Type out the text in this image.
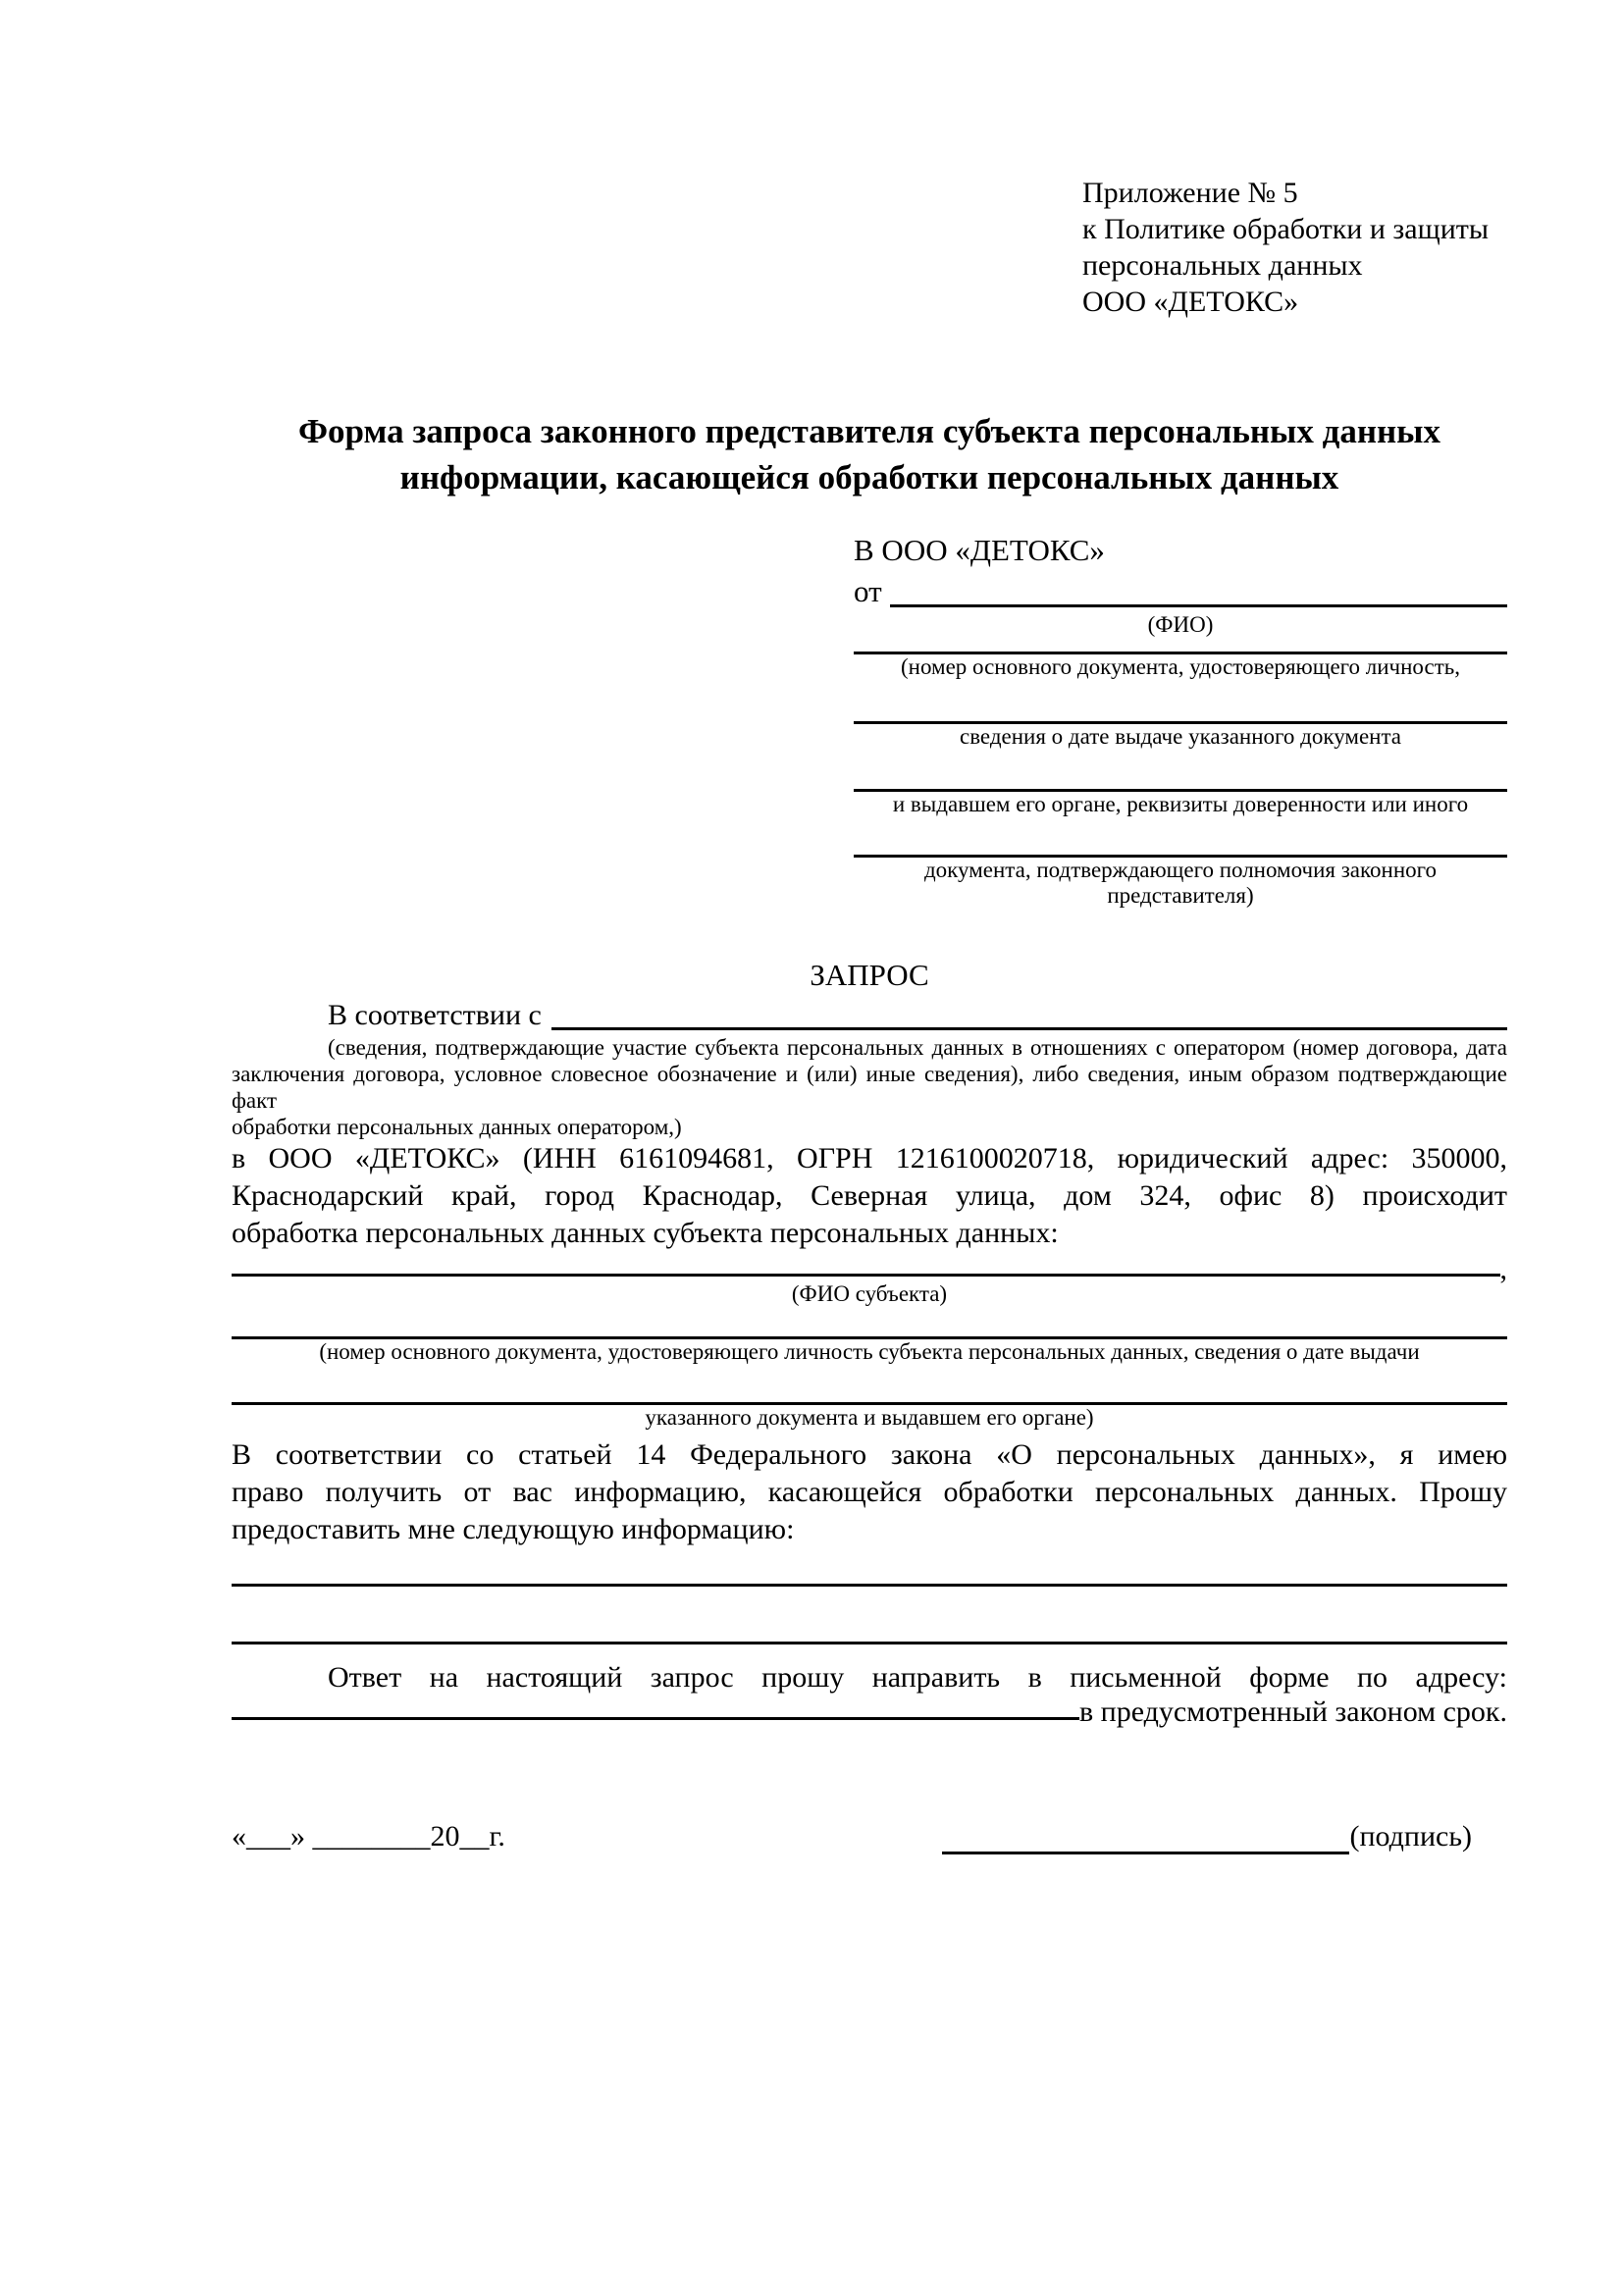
Приложение № 5
к Политике обработки и защиты
персональных данных
ООО «ДЕТОКС»
Форма запроса законного представителя субъекта персональных данных информации, касающейся обработки персональных данных
В ООО «ДЕТОКС»
от
(ФИО)
(номер основного документа, удостоверяющего личность,
сведения о дате выдаче указанного документа
и выдавшем его органе, реквизиты доверенности или иного
документа, подтверждающего полномочия законного представителя)
ЗАПРОС
В соответствии с
(сведения, подтверждающие участие субъекта персональных данных в отношениях с оператором (номер договора, дата
заключения договора, условное словесное обозначение и (или) иные сведения), либо сведения, иным образом подтверждающие факт
обработки персональных данных оператором,)
в ООО «ДЕТОКС» (ИНН 6161094681, ОГРН 1216100020718, юридический адрес: 350000,
Краснодарский край, город Краснодар, Северная улица, дом 324, офис 8) происходит
обработка персональных данных субъекта персональных данных:
,
(ФИО субъекта)
(номер основного документа, удостоверяющего личность субъекта персональных данных, сведения о дате выдачи
указанного документа и выдавшем его органе)
В соответствии со статьей 14 Федерального закона «О персональных данных», я имею
право получить от вас информацию, касающейся обработки персональных данных. Прошу
предоставить мне следующую информацию:
Ответ на настоящий запрос прошу направить в письменной форме по адресу:
в предусмотренный законом срок.
«___» ________20__г.	(подпись)
